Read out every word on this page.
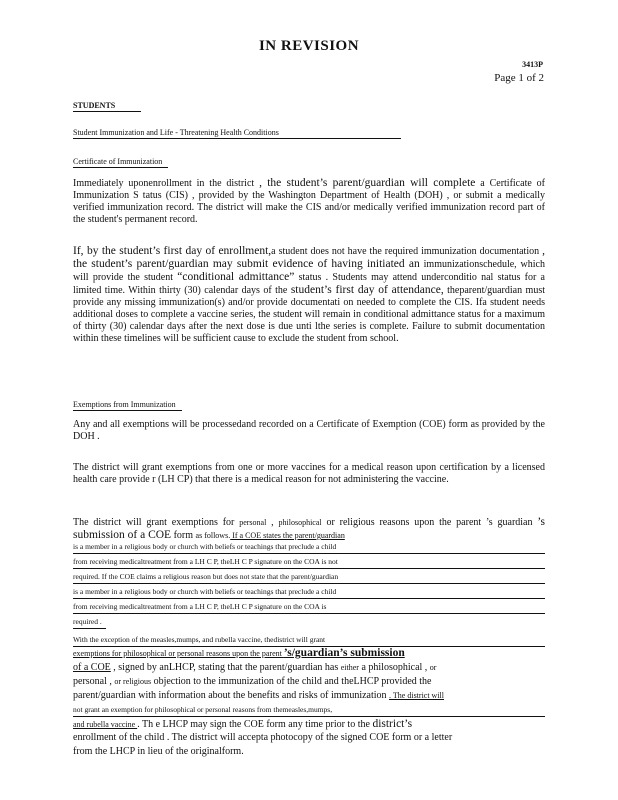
IN REVISION
3413P
Page 1 of 2
STUDENTS
Student Immunization and Life - Threatening Health Conditions
Certificate of Immunization
Immediately uponenrollment in the district , the student’s parent/guardian will complete a Certificate of Immunization S tatus (CIS) , provided by the Washington Department of Health (DOH) , or submit a medically verified immunization record. The district will make the CIS and/or medically verified immunization record part of the student's permanent record.
If, by the student’s first day of enrollment,a student does not have the required immunization documentation , the student’s parent/guardian may submit evidence of having initiated an immunizationschedule, which will provide the student “conditional admittance” status . Students may attend underconditio nal status for a limited time. Within thirty (30) calendar days of the student’s first day of attendance, theparent/guardian must provide any missing immunization(s) and/or provide documentati on needed to complete the CIS. Ifa student needs additional doses to complete a vaccine series, the student will remain in conditional admittance status for a maximum of thirty (30) calendar days after the next dose is due unti lthe series is complete. Failure to submit documentation within these timelines will be sufficient cause to exclude the student from school.
Exemptions from Immunization
Any and all exemptions will be processedand recorded on a Certificate of Exemption (COE) form as provided by the DOH .
The district will grant exemptions from one or more vaccines for a medical reason upon certification by a licensed health care provide r (LH CP) that there is a medical reason for not administering the vaccine.
The district will grant exemptions for personal , philosophical or religious reasons upon the parent ’s guardian ’s submission of a COE form as follows. If a COE states the parent/guardian
is a member in a religious body or church with beliefs or teachings that preclude a child
from receiving medicaltreatment from a LH C P, theLH C P signature on the COA is not
required. If the COE claims a religious reason but does not state that the parent/guardian
is a member in a religious body or church with beliefs or teachings that preclude a child
from receiving medicaltreatment from a LH C P, theLH C P signature on the COA is
required .
With the exception of the measles,mumps, and rubella vaccine, thedistrict will grant
exemptions for philosophical or personal reasons upon the parent ’s/guardian’s submission
of a COE , signed by anLHCP, stating that the parent/guardian has either a philosophical , or
personal , or religious objection to the immunization of the child and theLHCP provided the
parent/guardian with information about the benefits and risks of immunization . The district will
not grant an exemption for philosophical or personal reasons from themeasles,mumps,
and rubella vaccine . Th e LHCP may sign the COE form any time prior to the district’s
enrollment of the child . The district will accepta photocopy of the signed COE form or a letter
from the LHCP in lieu of the originalform.
